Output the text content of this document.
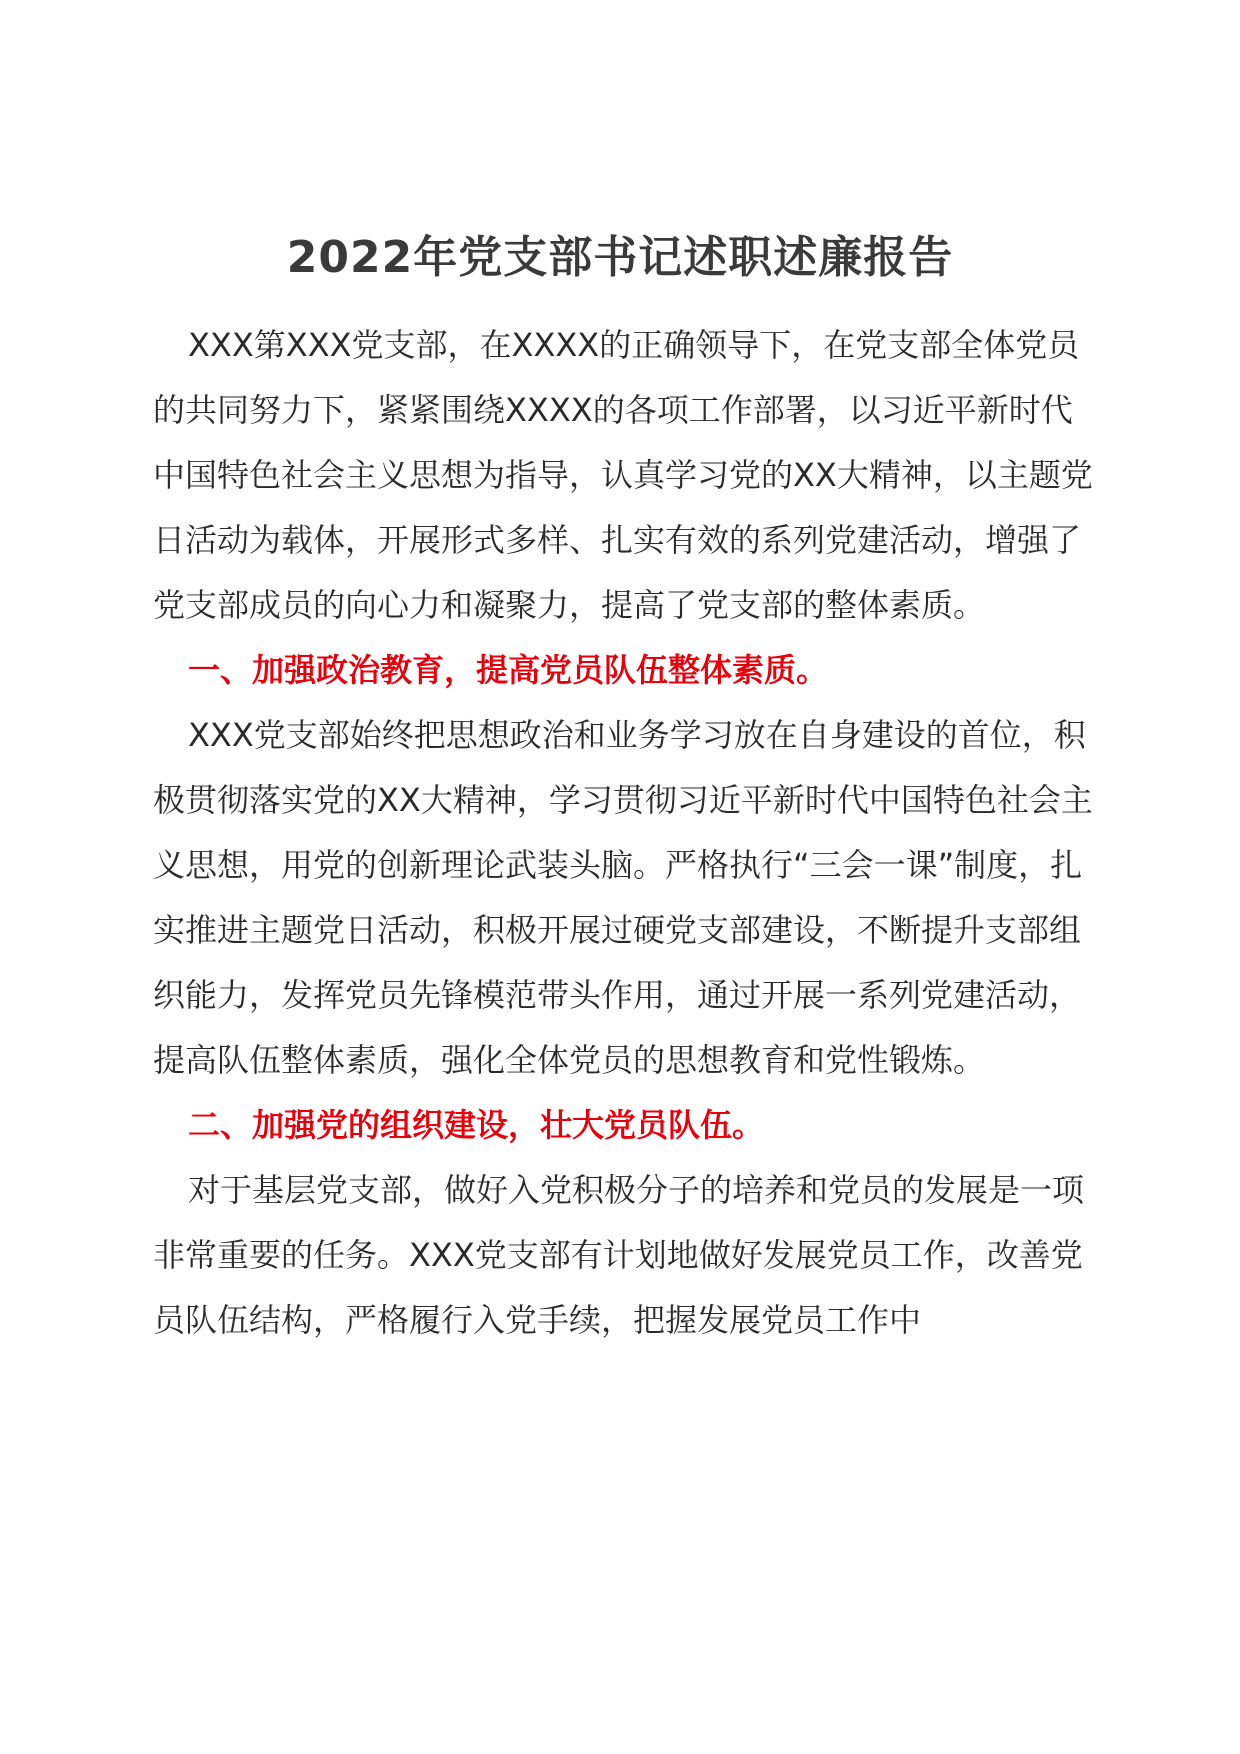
2022年党支部书记述职述廉报告

XXX第XXX党支部，在XXXX的正确领导下，在党支部全体党员的共同努力下，紧紧围绕XXXX的各项工作部署，以习近平新时代中国特色社会主义思想为指导，认真学习党的XX大精神，以主题党日活动为载体，开展形式多样、扎实有效的系列党建活动，增强了党支部成员的向心力和凝聚力，提高了党支部的整体素质。

一、加强政治教育，提高党员队伍整体素质。

XXX党支部始终把思想政治和业务学习放在自身建设的首位，积极贯彻落实党的XX大精神，学习贯彻习近平新时代中国特色社会主义思想，用党的创新理论武装头脑。严格执行“三会一课”制度，扎实推进主题党日活动，积极开展过硬党支部建设，不断提升支部组织能力，发挥党员先锋模范带头作用，通过开展一系列党建活动，提高队伍整体素质，强化全体党员的思想教育和党性锻炼。

二、加强党的组织建设，壮大党员队伍。

对于基层党支部，做好入党积极分子的培养和党员的发展是一项非常重要的任务。XXX党支部有计划地做好发展党员工作，改善党员队伍结构，严格履行入党手续，把握发展党员工作中
